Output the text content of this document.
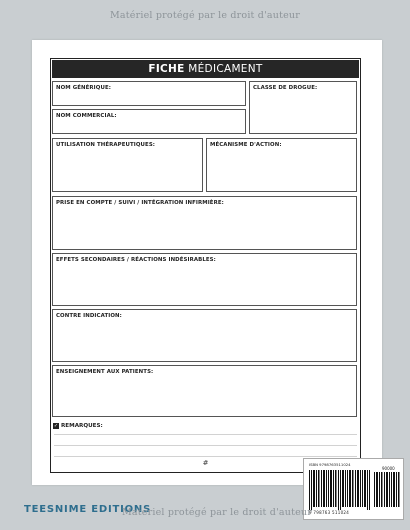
Matériel protégé par le droit d'auteur
FICHE MÉDICAMENT
NOM GÉNÉRIQUE:	CLASSE DE DROGUE:
NOM COMMERCIAL:
UTILISATION THÉRAPEUTIQUES:	MÉCANISME D'ACTION:
PRISE EN COMPTE / SUIVI / INTÉGRATION INFIRMIÈRE:
EFFETS SECONDAIRES / RÉACTIONS INDÉSIRABLES:
CONTRE INDICATION:
ENSEIGNEMENT AUX PATIENTS:
✓ REMARQUES:
#	ISBN 9798763511024
90000
9 798763 511024
TEESNIME EDITIONS
Matériel protégé par le droit d'auteur
